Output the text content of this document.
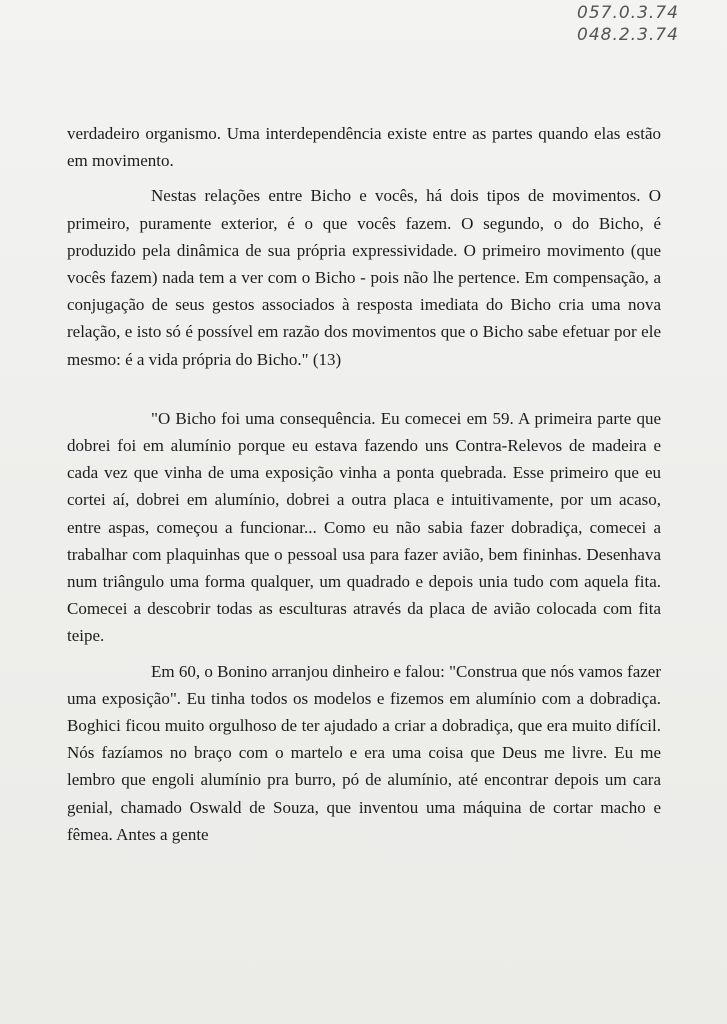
057.0.3.74
048.2.3.74

verdadeiro organismo. Uma interdependência existe entre as partes quando elas estão em movimento.

Nestas relações entre Bicho e vocês, há dois tipos de movimentos. O primeiro, puramente exterior, é o que vocês fazem. O segundo, o do Bicho, é produzido pela dinâmica de sua própria expressividade. O primeiro movimento (que vocês fazem) nada tem a ver com o Bicho - pois não lhe pertence. Em compensação, a conjugação de seus gestos associados à resposta imediata do Bicho cria uma nova relação, e isto só é possível em razão dos movimentos que o Bicho sabe efetuar por ele mesmo: é a vida própria do Bicho." (13)

"O Bicho foi uma consequência. Eu comecei em 59. A primeira parte que dobrei foi em alumínio porque eu estava fazendo uns Contra-Relevos de madeira e cada vez que vinha de uma exposição vinha a ponta quebrada. Esse primeiro que eu cortei aí, dobrei em alumínio, dobrei a outra placa e intuitivamente, por um acaso, entre aspas, começou a funcionar... Como eu não sabia fazer dobradiça, comecei a trabalhar com plaquinhas que o pessoal usa para fazer avião, bem fininhas. Desenhava num triângulo uma forma qualquer, um quadrado e depois unia tudo com aquela fita. Comecei a descobrir todas as esculturas através da placa de avião colocada com fita teipe.

Em 60, o Bonino arranjou dinheiro e falou: "Construa que nós vamos fazer uma exposição". Eu tinha todos os modelos e fizemos em alumínio com a dobradiça. Boghici ficou muito orgulhoso de ter ajudado a criar a dobradiça, que era muito difícil. Nós fazíamos no braço com o martelo e era uma coisa que Deus me livre. Eu me lembro que engoli alumínio pra burro, pó de alumínio, até encontrar depois um cara genial, chamado Oswald de Souza, que inventou uma máquina de cortar macho e fêmea. Antes a gente
